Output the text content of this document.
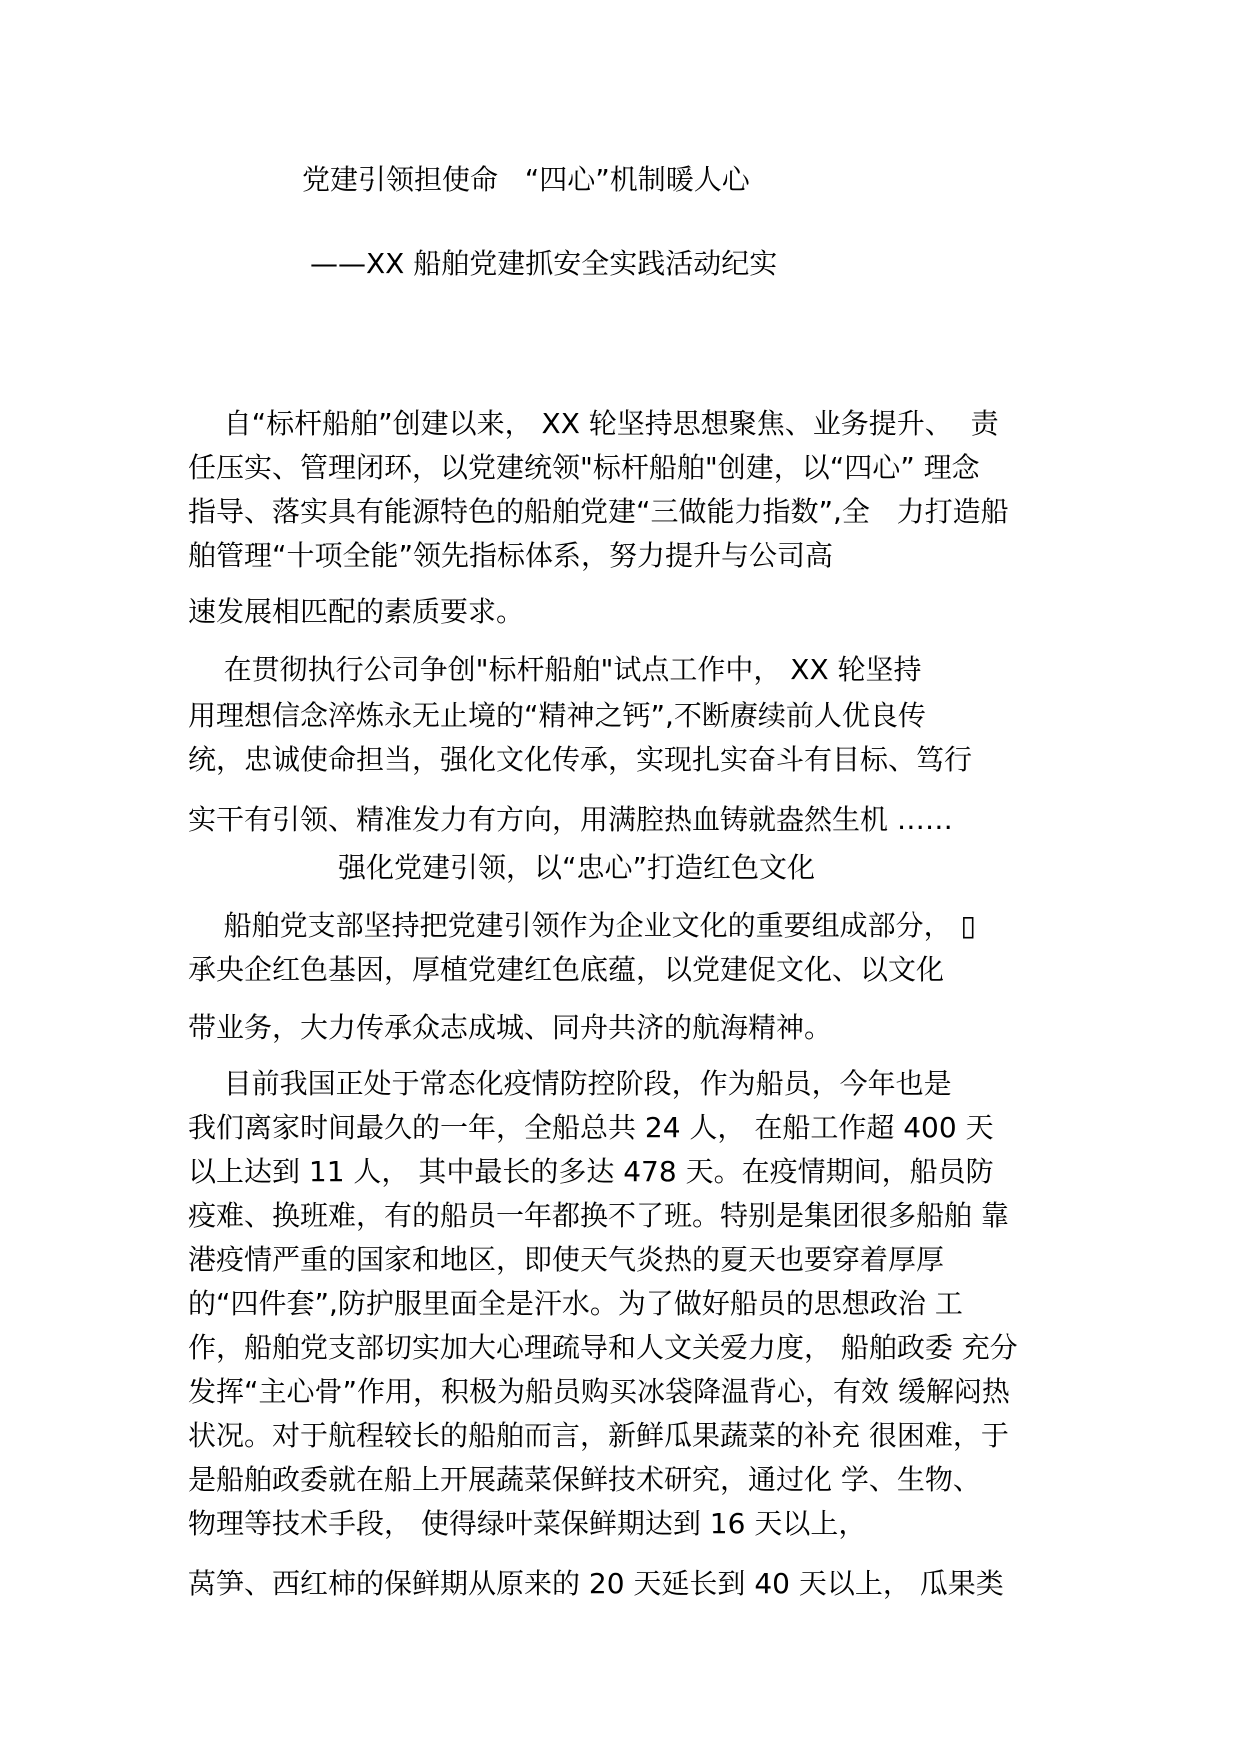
党建引领担使命   “四心”机制暖人心
——XX 船舶党建抓安全实践活动纪实
自“标杆船舶”创建以来， XX 轮坚持思想聚焦、业务提升、  责
任压实、管理闭环，以党建统领"标杆船舶"创建，以“四心” 理念
指导、落实具有能源特色的船舶党建“三做能力指数”,全   力打造船
舶管理“十项全能”领先指标体系，努力提升与公司高
速发展相匹配的素质要求。
在贯彻执行公司争创"标杆船舶"试点工作中， XX 轮坚持
用理想信念淬炼永无止境的“精神之钙”,不断赓续前人优良传
统，忠诚使命担当，强化文化传承，实现扎实奋斗有目标、笃行
实干有引领、精准发力有方向，用满腔热血铸就盎然生机 ……
强化党建引领，以“忠心”打造红色文化
船舶党支部坚持把党建引领作为企业文化的重要组成部分， ▯
承央企红色基因，厚植党建红色底蕴，以党建促文化、以文化
带业务，大力传承众志成城、同舟共济的航海精神。
目前我国正处于常态化疫情防控阶段，作为船员，今年也是
我们离家时间最久的一年，全船总共 24 人， 在船工作超 400 天
以上达到 11 人， 其中最长的多达 478 天。在疫情期间，船员防
疫难、换班难，有的船员一年都换不了班。特别是集团很多船舶 靠
港疫情严重的国家和地区，即使天气炎热的夏天也要穿着厚厚
的“四件套”,防护服里面全是汗水。为了做好船员的思想政治 工
作，船舶党支部切实加大心理疏导和人文关爱力度， 船舶政委 充分
发挥“主心骨”作用，积极为船员购买冰袋降温背心，有效 缓解闷热
状况。对于航程较长的船舶而言，新鲜瓜果蔬菜的补充 很困难，于
是船舶政委就在船上开展蔬菜保鲜技术研究，通过化 学、生物、
物理等技术手段， 使得绿叶菜保鲜期达到 16 天以上，
莴笋、西红柿的保鲜期从原来的 20 天延长到 40 天以上， 瓜果类
